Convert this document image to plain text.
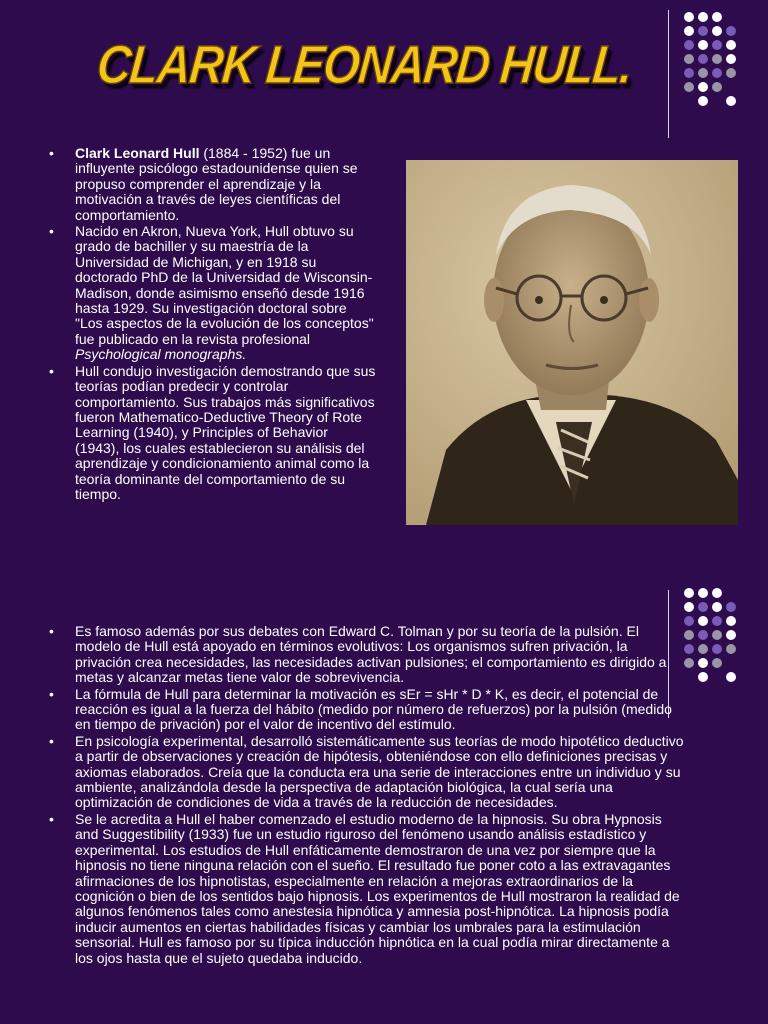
CLARK LEONARD HULL.
• Clark Leonard Hull (1884 - 1952) fue un influyente psicólogo estadounidense quien se propuso comprender el aprendizaje y la motivación a través de leyes científicas del comportamiento.
• Nacido en Akron, Nueva York, Hull obtuvo su grado de bachiller y su maestría de la Universidad de Michigan, y en 1918 su doctorado PhD de la Universidad de Wisconsin-Madison, donde asimismo enseñó desde 1916 hasta 1929. Su investigación doctoral sobre "Los aspectos de la evolución de los conceptos" fue publicado en la revista profesional Psychological monographs.
• Hull condujo investigación demostrando que sus teorías podían predecir y controlar comportamiento. Sus trabajos más significativos fueron Mathematico-Deductive Theory of Rote Learning (1940), y Principles of Behavior (1943), los cuales establecieron su análisis del aprendizaje y condicionamiento animal como la teoría dominante del comportamiento de su tiempo.
• Es famoso además por sus debates con Edward C. Tolman y por su teoría de la pulsión. El modelo de Hull está apoyado en términos evolutivos: Los organismos sufren privación, la privación crea necesidades, las necesidades activan pulsiones; el comportamiento es dirigido a metas y alcanzar metas tiene valor de sobrevivencia.
• La fórmula de Hull para determinar la motivación es sEr = sHr * D * K, es decir, el potencial de reacción es igual a la fuerza del hábito (medido por número de refuerzos) por la pulsión (medido en tiempo de privación) por el valor de incentivo del estímulo.
• En psicología experimental, desarrolló sistemáticamente sus teorías de modo hipotético deductivo a partir de observaciones y creación de hipótesis, obteniéndose con ello definiciones precisas y axiomas elaborados. Creía que la conducta era una serie de interacciones entre un individuo y su ambiente, analizándola desde la perspectiva de adaptación biológica, la cual sería una optimización de condiciones de vida a través de la reducción de necesidades.
• Se le acredita a Hull el haber comenzado el estudio moderno de la hipnosis. Su obra Hypnosis and Suggestibility (1933) fue un estudio riguroso del fenómeno usando análisis estadístico y experimental. Los estudios de Hull enfáticamente demostraron de una vez por siempre que la hipnosis no tiene ninguna relación con el sueño. El resultado fue poner coto a las extravagantes afirmaciones de los hipnotistas, especialmente en relación a mejoras extraordinarios de la cognición o bien de los sentidos bajo hipnosis. Los experimentos de Hull mostraron la realidad de algunos fenómenos tales como anestesia hipnótica y amnesia post-hipnótica. La hipnosis podía inducir aumentos en ciertas habilidades físicas y cambiar los umbrales para la estimulación sensorial. Hull es famoso por su típica inducción hipnótica en la cual podía mirar directamente a los ojos hasta que el sujeto quedaba inducido.
